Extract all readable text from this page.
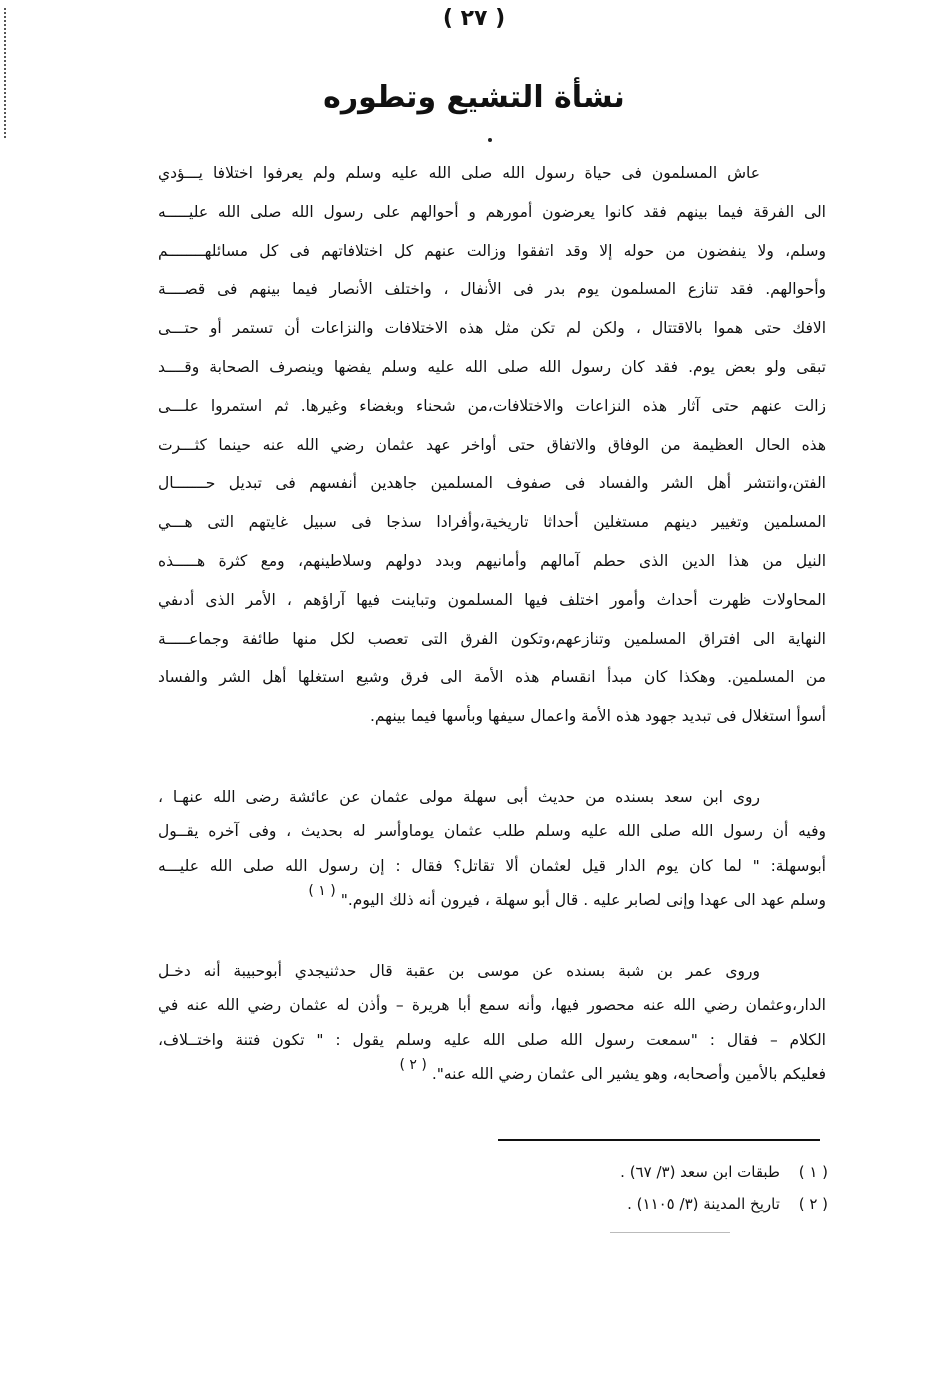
( ٢٧ )
نشأة التشيع وتطوره
عاش المسلمون فى حياة رسول الله صلى الله عليه وسلم ولم يعرفوا اختلافا يـــؤدي
الى الفرقة فيما بينهم فقد كانوا يعرضون أمورهم و أحوالهم على رسول الله صلى الله عليـــــه
وسلم، ولا ينفضون من حوله إلا وقد اتفقوا وزالت عنهم كل اختلافاتهم فى كل مسائلهــــــــم
وأحوالهم. فقد تنازع المسلمون يوم بدر فى الأنفال ، واختلف الأنصار فيما بينهم فى قصــــة
الافك حتى هموا بالاقتتال ، ولكن لم تكن مثل هذه الاختلافات والنزاعات أن تستمر أو حتـــى
تبقى ولو بعض يوم. فقد كان رسول الله صلى الله عليه وسلم يفضها وينصرف الصحابة وقــــد
زالت عنهم حتى آثار هذه النزاعات والاختلافات،من شحناء وبغضاء وغيرها. ثم استمروا علـــى
هذه الحال العظيمة من الوفاق والاتفاق حتى أواخر عهد عثمان رضي الله عنه حينما كثـــرت
الفتن،وانتشر أهل الشر والفساد فى صفوف المسلمين جاهدين أنفسهم فى تبديل حـــــــال
المسلمين وتغيير دينهم مستغلين أحداثا تاريخية،وأفرادا سذجا فى سبيل غايتهم التى هـــي
النيل من هذا الدين الذى حطم آمالهم وأمانيهم وبدد دولهم وسلاطينهم، ومع كثرة هـــــذه
المحاولات ظهرت أحداث وأمور اختلف فيها المسلمون وتباينت فيها آراؤهم ، الأمر الذى أدىفي
النهاية الى افتراق المسلمين وتنازعهم،وتكون الفرق التى تعصب لكل منها طائفة وجماعـــــة
من المسلمين. وهكذا كان مبدأ انقسام هذه الأمة الى فرق وشيع استغلها أهل الشر والفساد
أسوأ استغلال فى تبديد جهود هذه الأمة واعمال سيفها وبأسها فيما بينهم.
روى ابن سعد بسنده من حديث أبى سهلة مولى عثمان عن عائشة رضى الله عنهـا ،
وفيه أن رسول الله صلى الله عليه وسلم طلب عثمان يوماوأسر له بحديث ، وفى آخره يقــول
أبوسهلة: " لما كان يوم الدار قيل لعثمان ألا تقاتل؟ فقال : إن رسول الله صلى الله عليـــه
وسلم عهد الى عهدا وإنى لصابر عليه . قال أبو سهلة ، فيرون أنه ذلك اليوم." ( ١ )
وروى عمر بن شبة بسنده عن موسى بن عقبة قال حدثنيجدي أبوحبيبة أنه دخـل
الدار،وعثمان رضي الله عنه محصور فيها، وأنه سمع أبا هريرة – وأذن له عثمان رضي الله عنه في
الكلام – فقال : "سمعت رسول الله صلى الله عليه وسلم يقول : " تكون فتنة واختــلاف،
فعليكم بالأمين وأصحابه، وهو يشير الى عثمان رضي الله عنه". ( ٢ )
( ١ ) طبقات ابن سعد (٣/ ٦٧) .
( ٢ ) تاريخ المدينة (٣/ ١١٠٥) .
